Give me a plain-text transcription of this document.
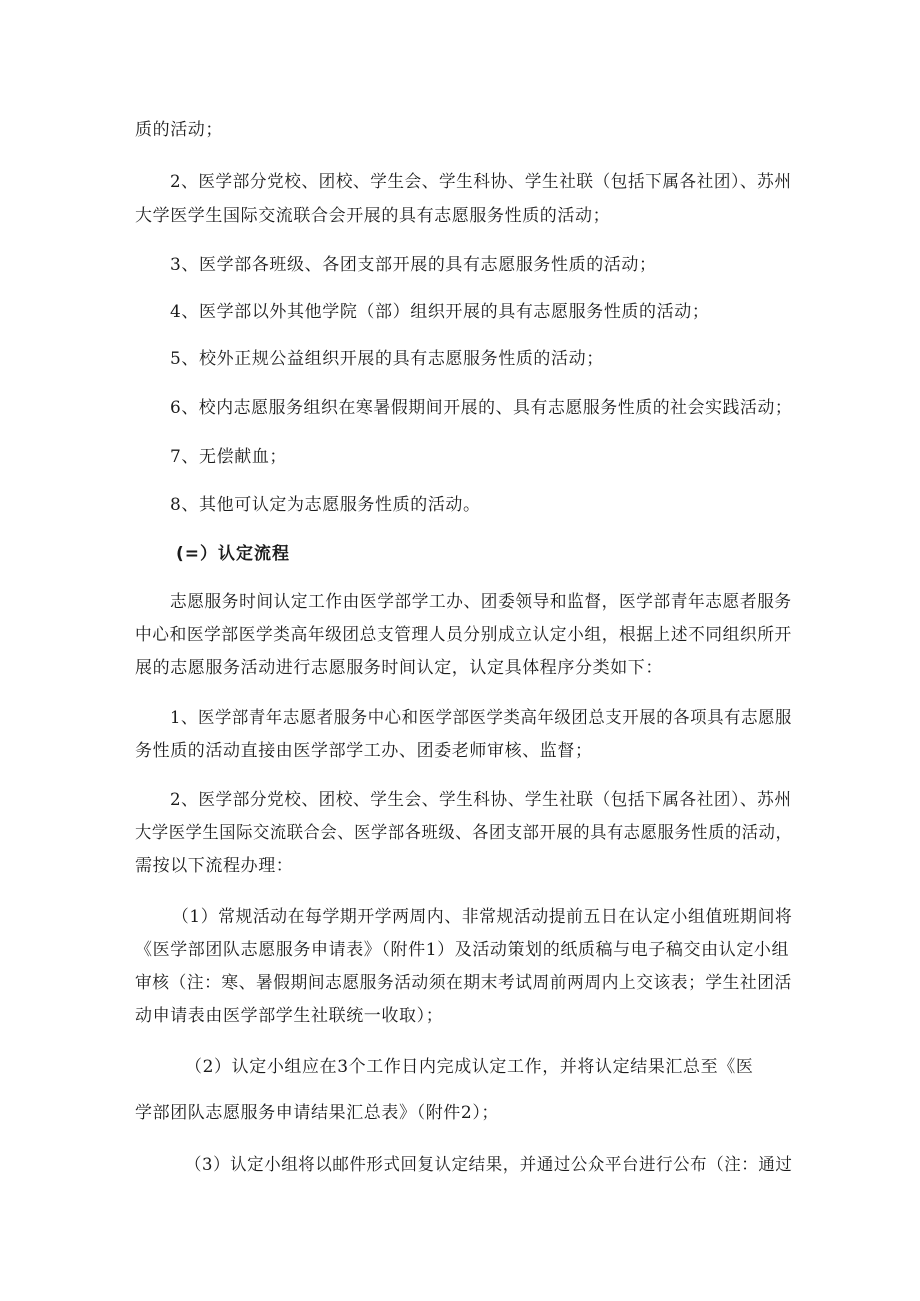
质的活动；
2、医学部分党校、团校、学生会、学生科协、学生社联（包括下属各社团）、苏州
大学医学生国际交流联合会开展的具有志愿服务性质的活动；
3、医学部各班级、各团支部开展的具有志愿服务性质的活动；
4、医学部以外其他学院（部）组织开展的具有志愿服务性质的活动；
5、校外正规公益组织开展的具有志愿服务性质的活动；
6、校内志愿服务组织在寒暑假期间开展的、具有志愿服务性质的社会实践活动；
7、无偿献血；
8、其他可认定为志愿服务性质的活动。
(=）认定流程
志愿服务时间认定工作由医学部学工办、团委领导和监督，医学部青年志愿者服务
中心和医学部医学类高年级团总支管理人员分别成立认定小组，根据上述不同组织所开
展的志愿服务活动进行志愿服务时间认定，认定具体程序分类如下：
1、医学部青年志愿者服务中心和医学部医学类高年级团总支开展的各项具有志愿服
务性质的活动直接由医学部学工办、团委老师审核、监督；
2、医学部分党校、团校、学生会、学生科协、学生社联（包括下属各社团）、苏州
大学医学生国际交流联合会、医学部各班级、各团支部开展的具有志愿服务性质的活动，
需按以下流程办理：
（1）常规活动在每学期开学两周内、非常规活动提前五日在认定小组值班期间将
《医学部团队志愿服务申请表》（附件1）及活动策划的纸质稿与电子稿交由认定小组
审核（注：寒、暑假期间志愿服务活动须在期末考试周前两周内上交该表；学生社团活
动申请表由医学部学生社联统一收取）；
（2）认定小组应在3个工作日内完成认定工作，并将认定结果汇总至《医
学部团队志愿服务申请结果汇总表》（附件2）；
（3）认定小组将以邮件形式回复认定结果，并通过公众平台进行公布（注：通过
